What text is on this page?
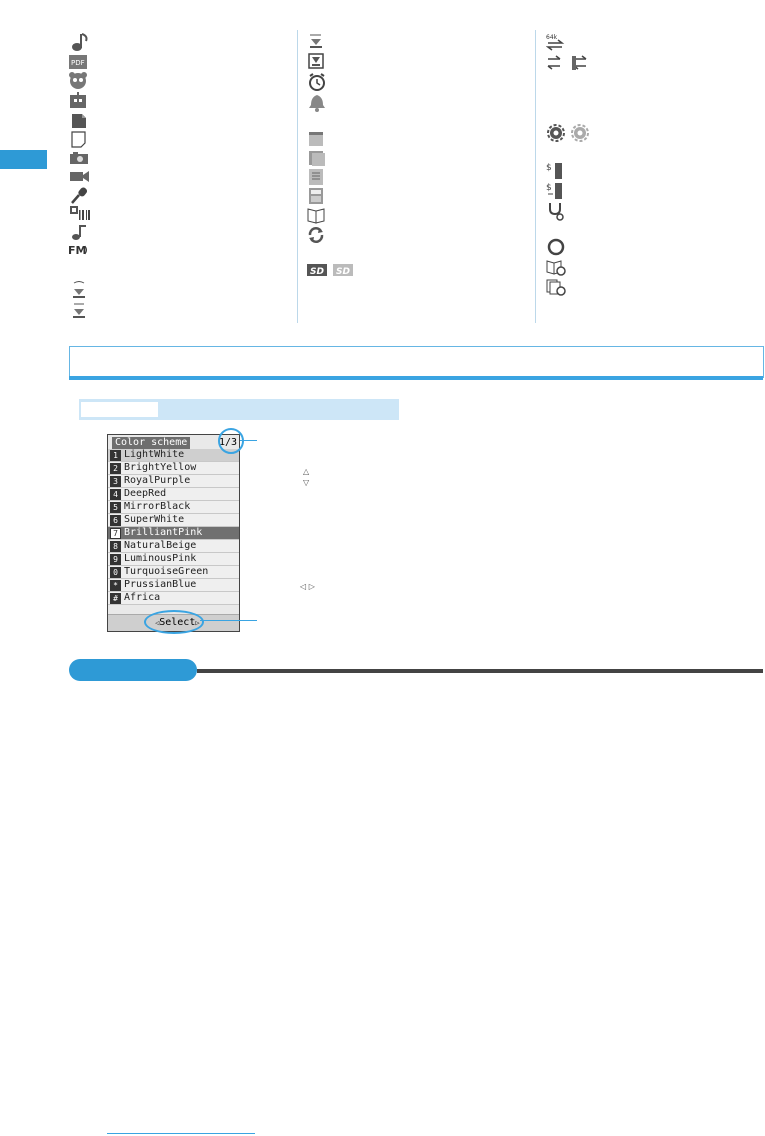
PDF
FM
SD SD
64k
$
$
Color scheme	1/3
1 LightWhite
2 BrightYellow
3 RoyalPurple
4 DeepRed
5 MirrorBlack
6 SuperWhite
7 BrilliantPink
8 NaturalBeige
9 LuminousPink
0 TurquoiseGreen
* PrussianBlue
# Africa
◁Select▷
△
▽
◁ ▷
